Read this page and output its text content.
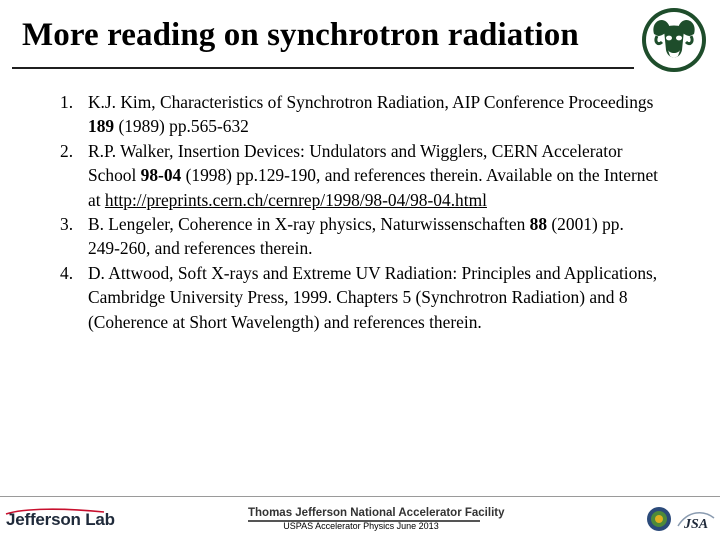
More reading on synchrotron radiation
1. K.J. Kim, Characteristics of Synchrotron Radiation, AIP Conference Proceedings 189 (1989) pp.565-632
2. R.P. Walker, Insertion Devices: Undulators and Wigglers, CERN Accelerator School 98-04 (1998) pp.129-190, and references therein. Available on the Internet at http://preprints.cern.ch/cernrep/1998/98-04/98-04.html
3. B. Lengeler, Coherence in X-ray physics, Naturwissenschaften 88 (2001) pp. 249-260, and references therein.
4. D. Attwood, Soft X-rays and Extreme UV Radiation: Principles and Applications, Cambridge University Press, 1999. Chapters 5 (Synchrotron Radiation) and 8 (Coherence at Short Wavelength) and references therein.
Jefferson Lab	Thomas Jefferson National Accelerator Facility
USPAS Accelerator Physics June 2013	JSA
